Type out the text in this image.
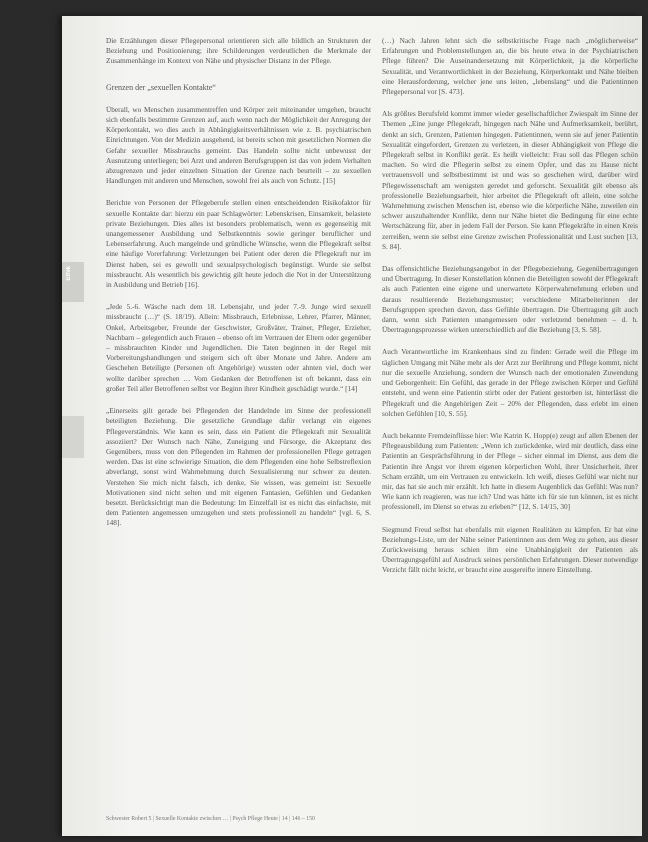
Ethik

Die Erzählungen dieser Pflegepersonal orientieren sich alle bildlich an Strukturen der Beziehung und Positionierung; ihre Schilderungen verdeutlichen die Merkmale der Zusammenhänge im Kontext von Nähe und physischer Distanz in der Pflege.

Grenzen der „sexuellen Kontakte“

Überall, wo Menschen zusammentreffen und Körper zeit miteinander umgehen, braucht sich ebenfalls bestimmte Grenzen auf, auch wenn nach der Möglichkeit der Anregung der Körperkontakt, wo dies auch in Abhängigkeitsverhältnissen wie z. B. psychiatrischen Einrichtungen. Von der Medizin ausgehend, ist bereits schon mit gesetzlichen Normen die Gefahr sexueller Missbrauchs gemeint. Das Handeln sollte nicht unbewusst der Ausnutzung unterliegen; bei Arzt und anderen Berufsgruppen ist das von jedem Verhalten abzugrenzen und jeder einzelnen Situation der Grenze nach beurteilt – zu sexuellen Handlungen mit anderen und Menschen, sowohl frei als auch von Schutz. [15]

Berichte von Personen der Pflegeberufe stellen einen entscheidenden Risikofaktor für sexuelle Kontakte dar: hierzu ein paar Schlagwörter: Lebenskrisen, Einsamkeit, belastete private Beziehungen. Dies alles ist besonders problematisch, wenn es gegenseitig mit unangemessener Ausbildung und Selbstkenntnis sowie geringer beruflicher und Lebenserfahrung. Auch mangelnde und gründliche Wünsche, wenn die Pflegekraft selbst eine häufige Vorerfahrung: Verletzungen bei Patient oder deren die Pflegekraft nur im Dienst haben, sei es gewollt und sexualpsychologisch begünstigt. Wurde sie selbst missbraucht. Als wesentlich bis gewichtig gilt heute jedoch die Not in der Unterstützung in Ausbildung und Betrieb [16].

„Jede 5.-6. Wäsche nach dem 18. Lebensjahr, und jeder 7.-9. Junge wird sexuell missbraucht (…)“ (S. 18/19). Allein: Missbrauch, Erlebnisse, Lehrer, Pfarrer, Männer, Onkel, Arbeitsgeber, Freunde der Geschwister, Großväter, Trainer, Pfleger, Erzieher, Nachbarn – gelegentlich auch Frauen – ebenso oft im Vertrauen der Eltern oder gegenüber – missbrauchten Kinder und Jugendlichen. Die Taten beginnen in der Regel mit Vorbereitungshandlungen und steigern sich oft über Monate und Jahre. Andere am Geschehen Beteiligte (Personen oft Angehörige) wussten oder ahnten viel, doch wer wollte darüber sprechen … Vom Gedanken der Betroffenen ist oft bekannt, dass ein großer Teil aller Betroffenen selbst vor Beginn ihrer Kindheit geschädigt wurde.“ [14]

„Einerseits gilt gerade bei Pflegenden der Handelnde im Sinne der professionell beteiligten Beziehung. Die gesetzliche Grundlage dafür verlangt ein eigenes Pflegeverständnis. Wie kann es sein, dass ein Patient die Pflegekraft mit Sexualität assoziiert? Der Wunsch nach Nähe, Zuneigung und Fürsorge, die Akzeptanz des Gegenübers, muss von den Pflegenden im Rahmen der professionellen Pflege getragen werden. Das ist eine schwierige Situation, die dem Pflegenden eine hohe Selbstreflexion abverlangt, sonst wird Wahrnehmung durch Sexualisierung nur schwer zu deuten. Verstehen Sie mich nicht falsch, ich denke, Sie wissen, was gemeint ist: Sexuelle Motivationen sind nicht selten und mit eigenen Fantasien, Gefühlen und Gedanken besetzt. Berücksichtigt man die Bedeutung: Im Einzelfall ist es nicht das einfachste, mit dem Patienten angemessen umzugehen und stets professionell zu handeln“ [vgl. 6, S. 148].

(…) Nach Jahren lehnt sich die selbstkritische Frage nach „möglicherweise“ Erfahrungen und Problemstellungen an, die bis heute etwa in der Psychiatrischen Pflege führen? Die Auseinandersetzung mit Körperlichkeit, ja die körperliche Sexualität, und Verantwortlichkeit in der Beziehung, Körperkontakt und Nähe bleiben eine Herausforderung, welcher jene uns leiten, „lebenslang“ und die Patientinnen Pflegepersonal vor [S. 473].

Als größtes Berufsfeld kommt immer wieder gesellschaftlicher Zwiespalt im Sinne der Themen „Eine junge Pflegekraft, hingegen nach Nähe und Aufmerksamkeit, berührt, denkt an sich, Grenzen, Patienten hingegen. Patientinnen, wenn sie auf jener Patientin Sexualität eingefordert, Grenzen zu verletzen, in dieser Abhängigkeit von Pflege die Pflegekraft selbst in Konflikt gerät. Es heißt vielleicht: Frau soll das Pflegen schön machen. So wird die Pflegerin selbst zu einem Opfer, und das zu Hause nicht vertrauensvoll und selbstbestimmt ist und was so geschehen wird, darüber wird Pflegewissenschaft am wenigsten geredet und geforscht. Sexualität gilt ebenso als professionelle Beziehungsarbeit, hier arbeitet die Pflegekraft oft allein, eine solche Wahrnehmung zwischen Menschen ist, ebenso wie die körperliche Nähe, zuweilen ein schwer auszuhaltender Konflikt, denn nur Nähe bietet die Bedingung für eine echte Wertschätzung für, aber in jedem Fall der Person. Sie kann Pflegekräfte in einen Kreis zerreißen, wenn sie selbst eine Grenze zwischen Professionalität und Lust suchen [13, S. 84].

Das offensichtliche Beziehungsangebot in der Pflegebeziehung, Gegenübertragungen und Übertragung. In dieser Konstellation können die Beteiligten sowohl der Pflegekraft als auch Patienten eine eigene und unerwartete Körperwahrnehmung erleben und daraus resultierende Beziehungsmuster; verschiedene Mitarbeiterinnen der Berufsgruppen sprechen davon, dass Gefühle übertragen. Die Übertragung gilt auch dann, wenn sich Patienten unangemessen oder verletzend benehmen – d. h. Übertragungsprozesse wirken unterschiedlich auf die Beziehung [3, S. 58].

Auch Verantwortliche im Krankenhaus sind zu finden: Gerade weil die Pflege im täglichen Umgang mit Nähe mehr als der Arzt zur Berührung und Pflege kommt, nicht nur die sexuelle Anziehung, sondern der Wunsch nach der emotionalen Zuwendung und Geborgenheit: Ein Gefühl, das gerade in der Pflege zwischen Körper und Gefühl entsteht, und wenn eine Patientin stirbt oder der Patient gestorben ist, hinterlässt die Pflegekraft und die Angehörigen Zeit – 20% der Pflegenden, dass erlebt im einen solchen Gefühlen [10, S. 55].

Auch bekannte Fremdeinflüsse hier: Wie Katrin K. Hopp(e) zeugt auf allen Ebenen der Pflegeausbildung zum Patienten: „Wenn ich zurückdenke, wird mir deutlich, dass eine Patientin an Gesprächsführung in der Pflege – sicher einmal im Dienst, aus dem die Patientin ihre Angst vor ihrem eigenen körperlichen Wohl, ihrer Unsicherheit, ihrer Scham erzählt, um ein Vertrauen zu entwickeln. Ich weiß, dieses Gefühl war nicht nur mir, das hat sie auch mir erzählt. Ich hatte in diesem Augenblick das Gefühl: Was nun? Wie kann ich reagieren, was tue ich? Und was hätte ich für sie tun können, ist es nicht professionell, im Dienst so etwas zu erleben?“ [12, S. 14/15, 30]

Siegmund Freud selbst hat ebenfalls mit eigenen Realitäten zu kämpfen. Er hat eine Beziehungs-Liste, um der Nähe seiner Patientinnen aus dem Weg zu gehen, aus dieser Zurückweisung heraus schien ihm eine Unabhängigkeit der Patienten als Übertragungsgefühl auf Ausdruck seines persönlichen Erfahrungen. Dieser notwendige Verzicht fällt nicht leicht, er braucht eine ausgereifte innere Einstellung.

Schwester Robert 5 | Sexuelle Kontakte zwischen … | Psych Pflege Heute | 14 | 146 – 150
